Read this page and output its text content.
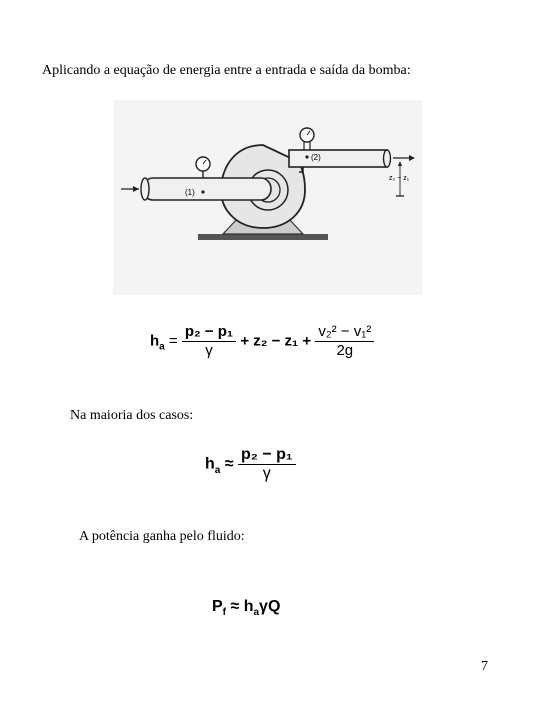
Aplicando a equação de energia entre a entrada e saída da bomba:
(1)
(2)
z₂ − z₁
$h_a = \frac{\text{p₂ − p₁}}{\gamma} + z_2 - z_1 + \frac{\text{v₂² − v₁²}}{2g}$
Na maioria dos casos:
$h_a \approx \frac{\text{p₂ − p₁}}{\gamma}$
A potência ganha pelo fluido:
$P_f \approx h_a\gamma Q$
7
